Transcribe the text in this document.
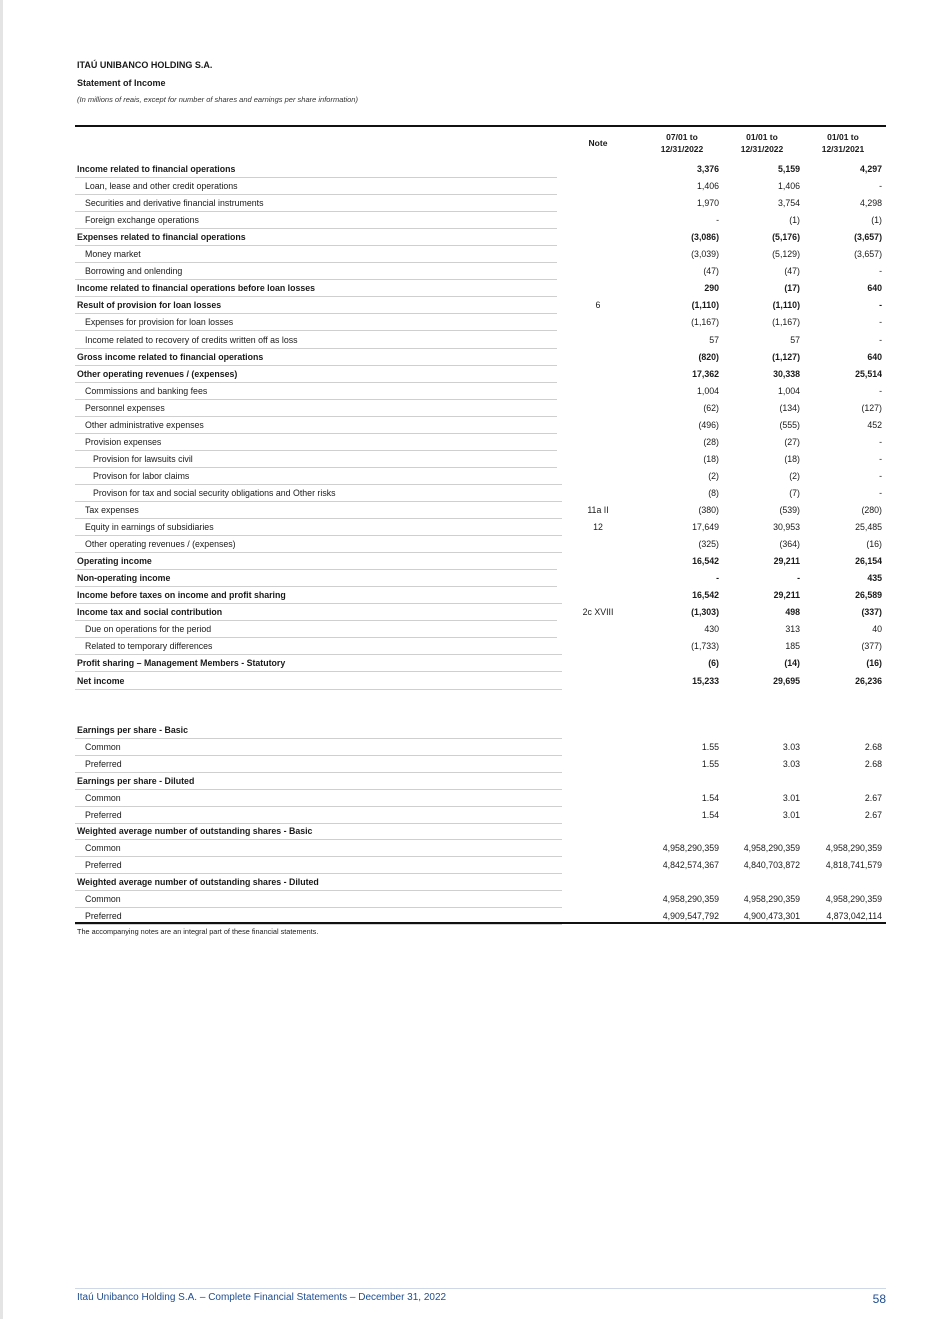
ITAÚ UNIBANCO HOLDING S.A.
Statement of Income
(In millions of reais, except for number of shares and earnings per share information)
Note
07/01 to
12/31/2022
01/01 to
12/31/2022
01/01 to
12/31/2021
Income related to financial operations	3,376	5,159	4,297
Loan, lease and other credit operations	1,406	1,406	-
Securities and derivative financial instruments	1,970	3,754	4,298
Foreign exchange operations	-	(1)	(1)
Expenses related to financial operations	(3,086)	(5,176)	(3,657)
Money market	(3,039)	(5,129)	(3,657)
Borrowing and onlending	(47)	(47)	-
Income related to financial operations before loan losses	290	(17)	640
Result of provision for loan losses	6	(1,110)	(1,110)	-
Expenses for provision for loan losses	(1,167)	(1,167)	-
Income related to recovery of credits written off as loss	57	57	-
Gross income related to financial operations	(820)	(1,127)	640
Other operating revenues / (expenses)	17,362	30,338	25,514
Commissions and banking fees	1,004	1,004	-
Personnel expenses	(62)	(134)	(127)
Other administrative expenses	(496)	(555)	452
Provision expenses	(28)	(27)	-
Provision for lawsuits civil	(18)	(18)	-
Provison for labor claims	(2)	(2)	-
Provison for tax and social security obligations and Other risks	(8)	(7)	-
Tax expenses	11a II	(380)	(539)	(280)
Equity in earnings of subsidiaries	12	17,649	30,953	25,485
Other operating revenues / (expenses)	(325)	(364)	(16)
Operating income	16,542	29,211	26,154
Non-operating income	-	-	435
Income before taxes on income and profit sharing	16,542	29,211	26,589
Income tax and social contribution	2c XVIII	(1,303)	498	(337)
Due on operations for the period	430	313	40
Related to temporary differences	(1,733)	185	(377)
Profit sharing – Management Members - Statutory	(6)	(14)	(16)
Net income	15,233	29,695	26,236
Earnings per share - Basic
Common	1.55	3.03	2.68
Preferred	1.55	3.03	2.68
Earnings per share - Diluted
Common	1.54	3.01	2.67
Preferred	1.54	3.01	2.67
Weighted average number of outstanding shares - Basic
Common	4,958,290,359	4,958,290,359	4,958,290,359
Preferred	4,842,574,367	4,840,703,872	4,818,741,579
Weighted average number of outstanding shares - Diluted
Common	4,958,290,359	4,958,290,359	4,958,290,359
Preferred	4,909,547,792	4,900,473,301	4,873,042,114
The accompanying notes are an integral part of these financial statements.
Itaú Unibanco Holding S.A. – Complete Financial Statements – December 31, 2022	58
